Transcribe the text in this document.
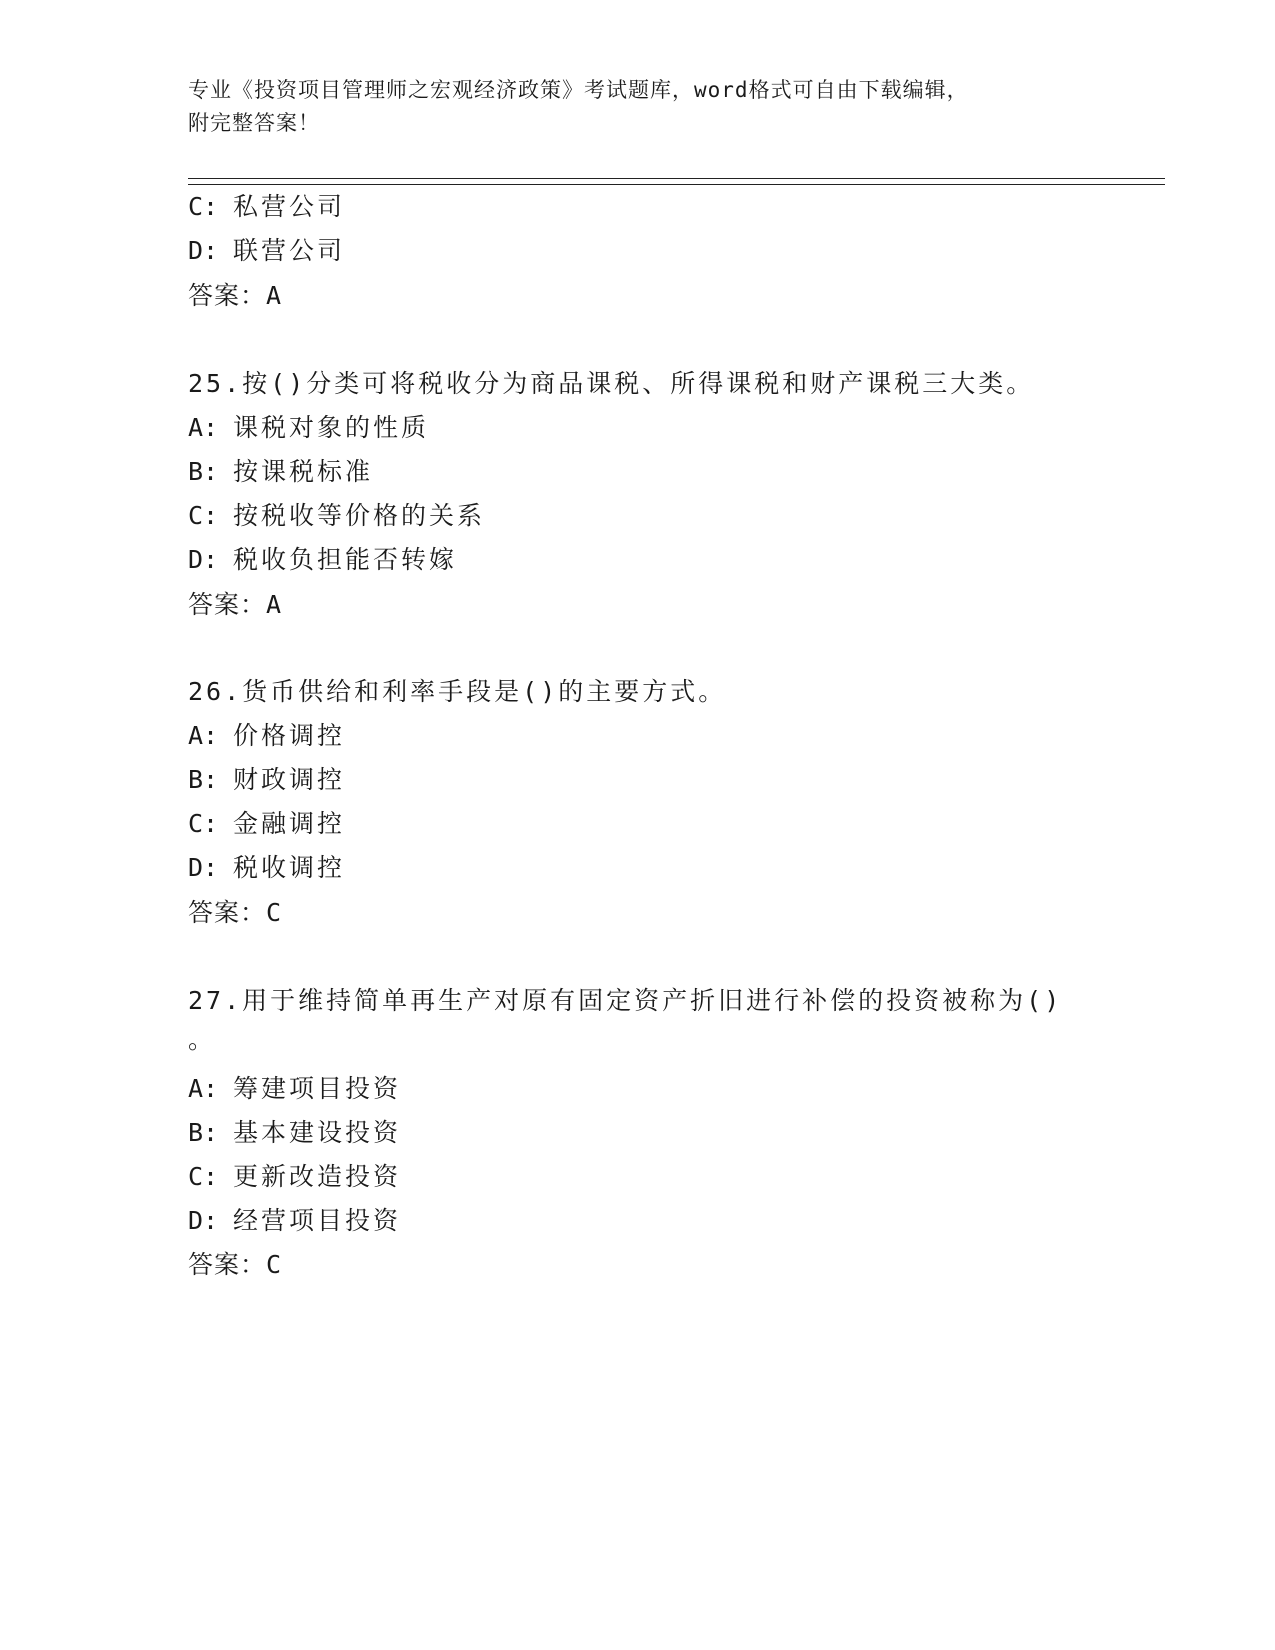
专业《投资项目管理师之宏观经济政策》考试题库，word格式可自由下载编辑，
附完整答案！
C: 私营公司
D: 联营公司
答案：A
25.按()分类可将税收分为商品课税、所得课税和财产课税三大类。
A: 课税对象的性质
B: 按课税标准
C: 按税收等价格的关系
D: 税收负担能否转嫁
答案：A
26.货币供给和利率手段是()的主要方式。
A: 价格调控
B: 财政调控
C: 金融调控
D: 税收调控
答案：C
27.用于维持简单再生产对原有固定资产折旧进行补偿的投资被称为()
。
A: 筹建项目投资
B: 基本建设投资
C: 更新改造投资
D: 经营项目投资
答案：C
